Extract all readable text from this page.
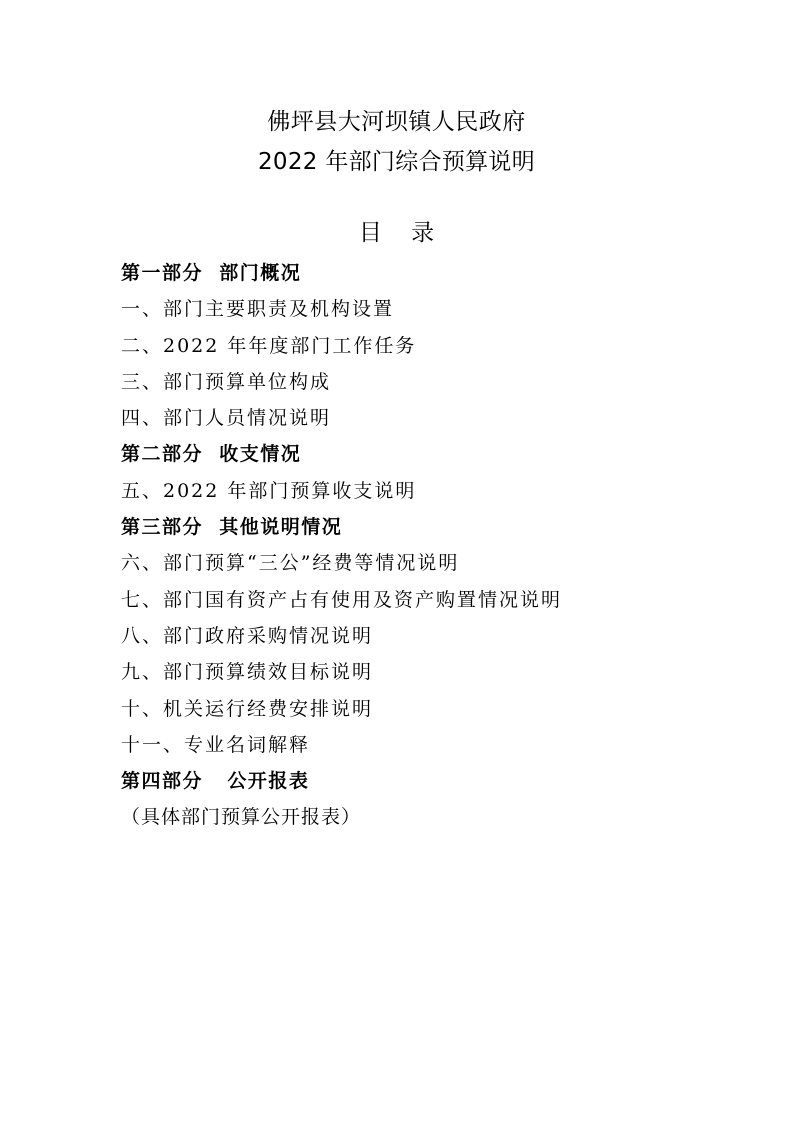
佛坪县大河坝镇人民政府
2022 年部门综合预算说明
目 录
第一部分  部门概况
一、部门主要职责及机构设置
二、2022 年年度部门工作任务
三、部门预算单位构成
四、部门人员情况说明
第二部分  收支情况
五、2022 年部门预算收支说明
第三部分  其他说明情况
六、部门预算“三公”经费等情况说明
七、部门国有资产占有使用及资产购置情况说明
八、部门政府采购情况说明
九、部门预算绩效目标说明
十、机关运行经费安排说明
十一、专业名词解释
第四部分   公开报表
（具体部门预算公开报表）
